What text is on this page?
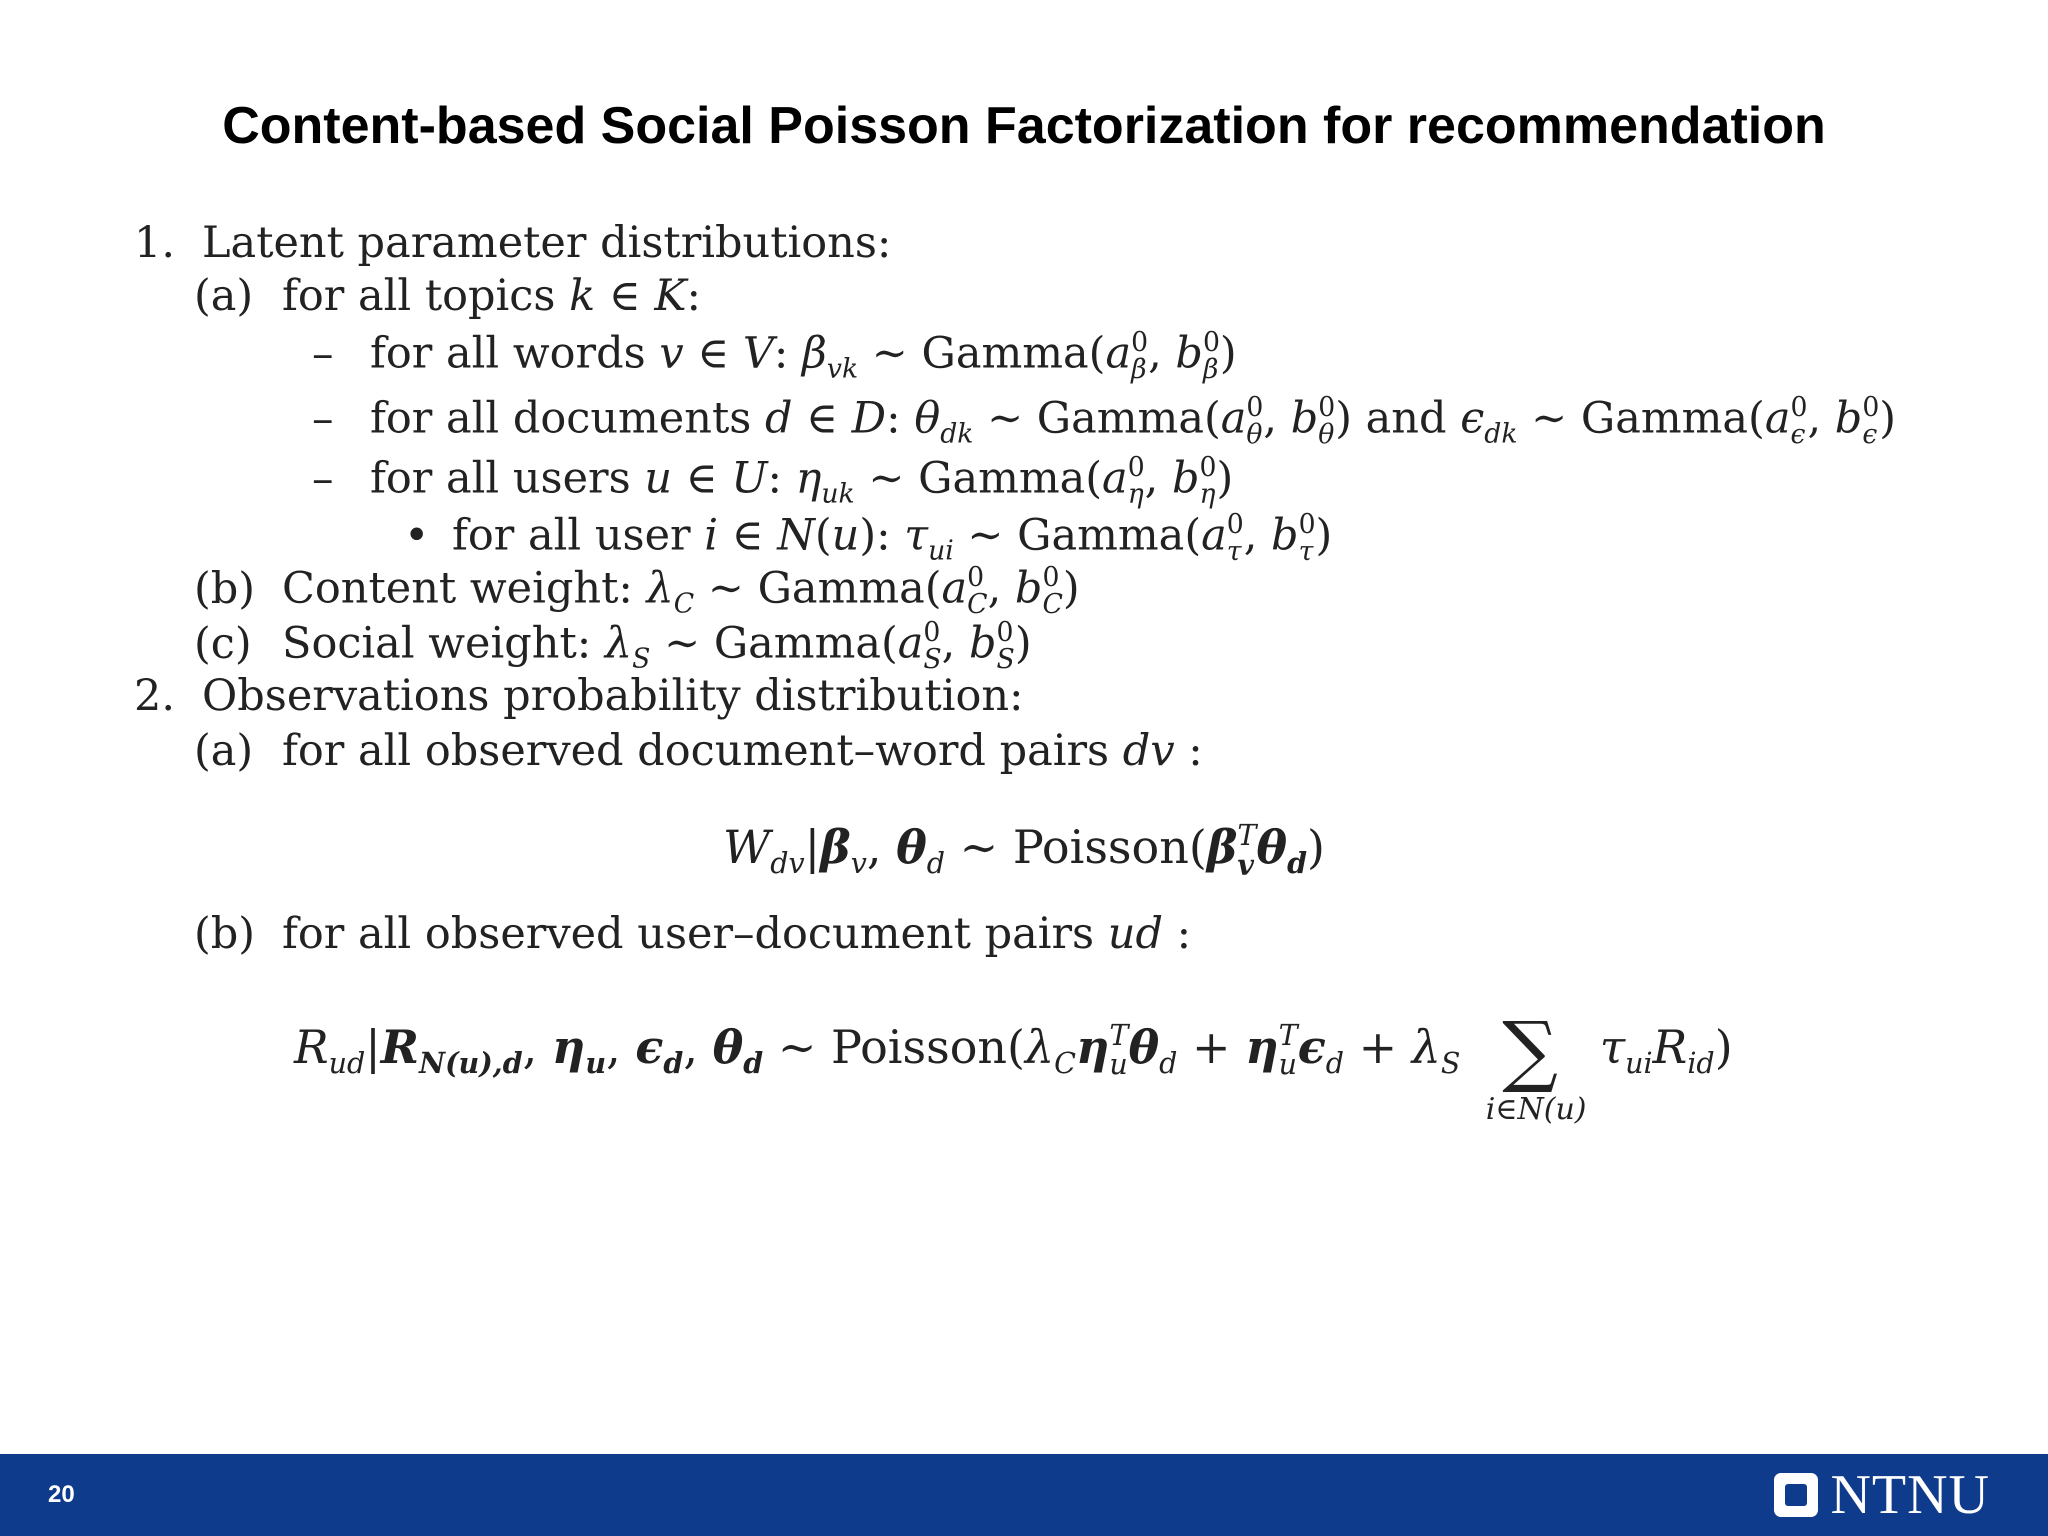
Content-based Social Poisson Factorization for recommendation
1. Latent parameter distributions:
(a) for all topics k ∈ K:
– for all words v ∈ V: $\beta_{vk}$ ∼ Gamma(a 0
β , b 0
β )
– for all documents d ∈ D: $\theta_{dk}$ ∼ Gamma(a 0
θ , b 0
θ ) and $\epsilon_{dk}$ ∼ Gamma(a 0
ϵ , b 0
ϵ )
– for all users u ∈ U: $\eta_{uk}$ ∼ Gamma(a 0
η , b 0
η )
• for all user i ∈ N(u): $\tau_{ui}$ ∼ Gamma(a 0
τ , b 0
τ )
(b) Content weight: $\lambda_C$ ∼ Gamma(a 0
C , b 0
C )
(c) Social weight: $\lambda_S$ ∼ Gamma(a 0
S , b 0
S )
2. Observations probability distribution:
(a) for all observed document–word pairs dv :
$W_{dv}|\beta_v$, $\theta_d$ ∼ Poisson(β T
$v\theta_d$)
(b) for all observed user–document pairs ud :
$R_{ud}|R_{N(u),d}$, $\eta_u$, $\epsilon_d$, $\theta_d$ ∼ $Poisson(\lambda_C\eta$ T
u $\theta_d + \eta$ T
u $\epsilon_d + \lambda_S$ ∑
i∈N(u)
$\tau_{ui}R_{id}$)
20	NTNU
